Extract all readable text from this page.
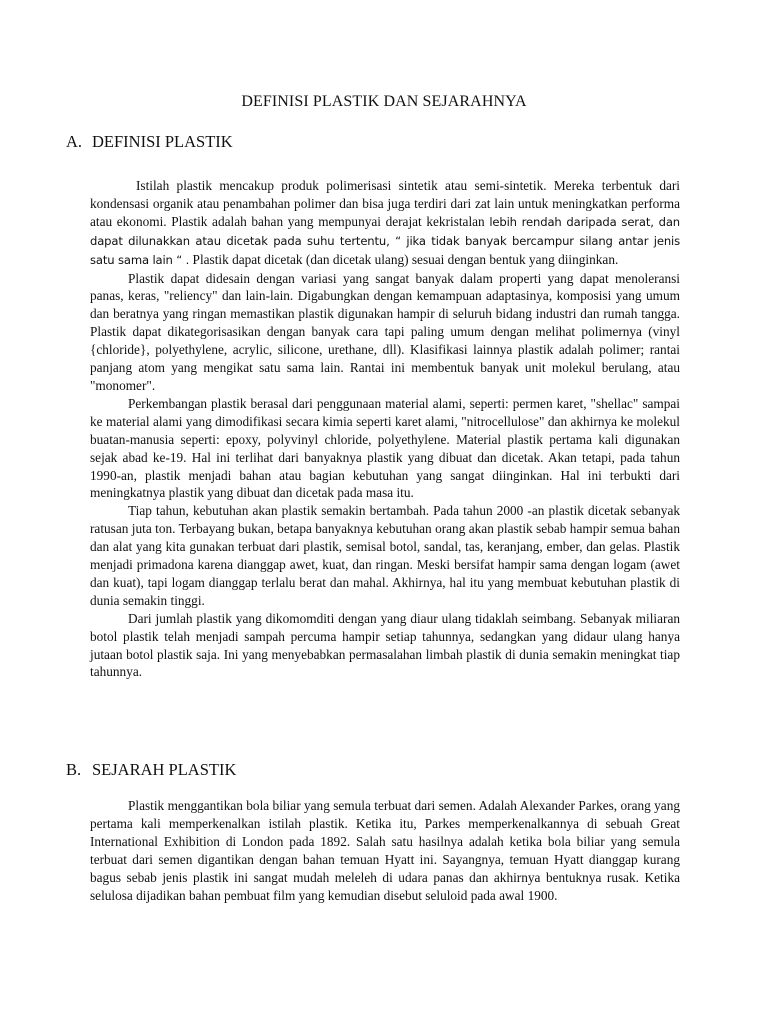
DEFINISI PLASTIK DAN SEJARAHNYA
A. DEFINISI PLASTIK

Istilah plastik mencakup produk polimerisasi sintetik atau semi-sintetik. Mereka terbentuk dari kondensasi organik atau penambahan polimer dan bisa juga terdiri dari zat lain untuk meningkatkan performa atau ekonomi. Plastik adalah bahan yang mempunyai derajat kekristalan lebih rendah daripada serat, dan dapat dilunakkan atau dicetak pada suhu tertentu, “ jika tidak banyak bercampur silang antar jenis satu sama lain “ . Plastik dapat dicetak (dan dicetak ulang) sesuai dengan bentuk yang diinginkan.

Plastik dapat didesain dengan variasi yang sangat banyak dalam properti yang dapat menoleransi panas, keras, "reliency" dan lain-lain. Digabungkan dengan kemampuan adaptasinya, komposisi yang umum dan beratnya yang ringan memastikan plastik digunakan hampir di seluruh bidang industri dan rumah tangga. Plastik dapat dikategorisasikan dengan banyak cara tapi paling umum dengan melihat polimernya (vinyl {chloride}, polyethylene, acrylic, silicone, urethane, dll). Klasifikasi lainnya plastik adalah polimer; rantai panjang atom yang mengikat satu sama lain. Rantai ini membentuk banyak unit molekul berulang, atau "monomer".

Perkembangan plastik berasal dari penggunaan material alami, seperti: permen karet, "shellac" sampai ke material alami yang dimodifikasi secara kimia seperti karet alami, "nitrocellulose" dan akhirnya ke molekul buatan-manusia seperti: epoxy, polyvinyl chloride, polyethylene. Material plastik pertama kali digunakan sejak abad ke-19. Hal ini terlihat dari banyaknya plastik yang dibuat dan dicetak. Akan tetapi, pada tahun 1990-an, plastik menjadi bahan atau bagian kebutuhan yang sangat diinginkan. Hal ini terbukti dari meningkatnya plastik yang dibuat dan dicetak pada masa itu.

Tiap tahun, kebutuhan akan plastik semakin bertambah. Pada tahun 2000 -an plastik dicetak sebanyak ratusan juta ton. Terbayang bukan, betapa banyaknya kebutuhan orang akan plastik sebab hampir semua bahan dan alat yang kita gunakan terbuat dari plastik, semisal botol, sandal, tas, keranjang, ember, dan gelas. Plastik menjadi primadona karena dianggap awet, kuat, dan ringan. Meski bersifat hampir sama dengan logam (awet dan kuat), tapi logam dianggap terlalu berat dan mahal. Akhirnya, hal itu yang membuat kebutuhan plastik di dunia semakin tinggi.

Dari jumlah plastik yang dikomomditi dengan yang diaur ulang tidaklah seimbang. Sebanyak miliaran botol plastik telah menjadi sampah percuma hampir setiap tahunnya, sedangkan yang didaur ulang hanya jutaan botol plastik saja. Ini yang menyebabkan permasalahan limbah plastik di dunia semakin meningkat tiap tahunnya.

B. SEJARAH PLASTIK

Plastik menggantikan bola biliar yang semula terbuat dari semen. Adalah Alexander Parkes, orang yang pertama kali memperkenalkan istilah plastik. Ketika itu, Parkes memperkenalkannya di sebuah Great International Exhibition di London pada 1892. Salah satu hasilnya adalah ketika bola biliar yang semula terbuat dari semen digantikan dengan bahan temuan Hyatt ini. Sayangnya, temuan Hyatt dianggap kurang bagus sebab jenis plastik ini sangat mudah meleleh di udara panas dan akhirnya bentuknya rusak. Ketika selulosa dijadikan bahan pembuat film yang kemudian disebut seluloid pada awal 1900.
